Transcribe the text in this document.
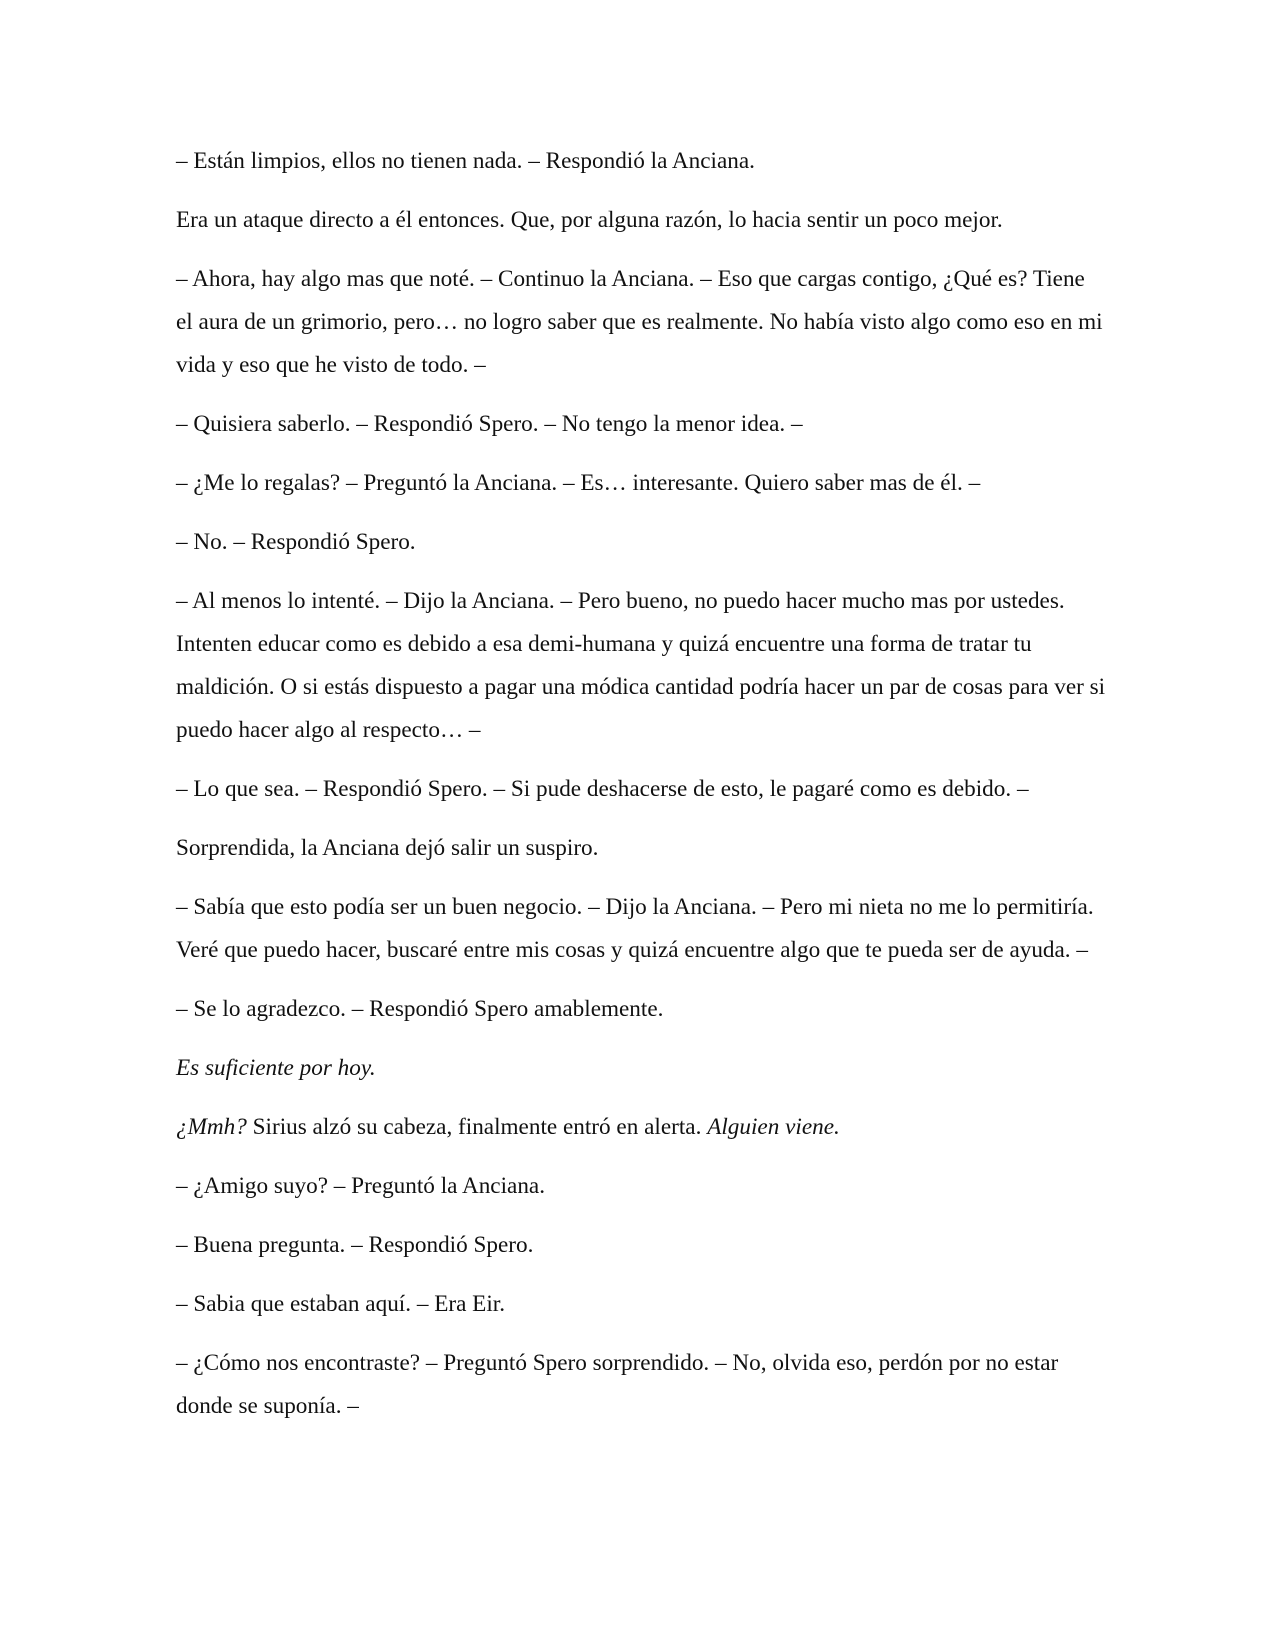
– Están limpios, ellos no tienen nada. – Respondió la Anciana.

Era un ataque directo a él entonces. Que, por alguna razón, lo hacia sentir un poco mejor.

– Ahora, hay algo mas que noté. – Continuo la Anciana. – Eso que cargas contigo, ¿Qué es? Tiene el aura de un grimorio, pero… no logro saber que es realmente. No había visto algo como eso en mi vida y eso que he visto de todo. –

– Quisiera saberlo. – Respondió Spero. – No tengo la menor idea. –

– ¿Me lo regalas? – Preguntó la Anciana. – Es… interesante. Quiero saber mas de él. –

– No. – Respondió Spero.

– Al menos lo intenté. – Dijo la Anciana. – Pero bueno, no puedo hacer mucho mas por ustedes. Intenten educar como es debido a esa demi-humana y quizá encuentre una forma de tratar tu maldición. O si estás dispuesto a pagar una módica cantidad podría hacer un par de cosas para ver si puedo hacer algo al respecto… –

– Lo que sea. – Respondió Spero. – Si pude deshacerse de esto, le pagaré como es debido. –

Sorprendida, la Anciana dejó salir un suspiro.

– Sabía que esto podía ser un buen negocio. – Dijo la Anciana. – Pero mi nieta no me lo permitiría. Veré que puedo hacer, buscaré entre mis cosas y quizá encuentre algo que te pueda ser de ayuda. –

– Se lo agradezco. – Respondió Spero amablemente.

Es suficiente por hoy.

¿Mmh? Sirius alzó su cabeza, finalmente entró en alerta. Alguien viene.

– ¿Amigo suyo? – Preguntó la Anciana.

– Buena pregunta. – Respondió Spero.

– Sabia que estaban aquí. – Era Eir.

– ¿Cómo nos encontraste? – Preguntó Spero sorprendido. – No, olvida eso, perdón por no estar donde se suponía. –
